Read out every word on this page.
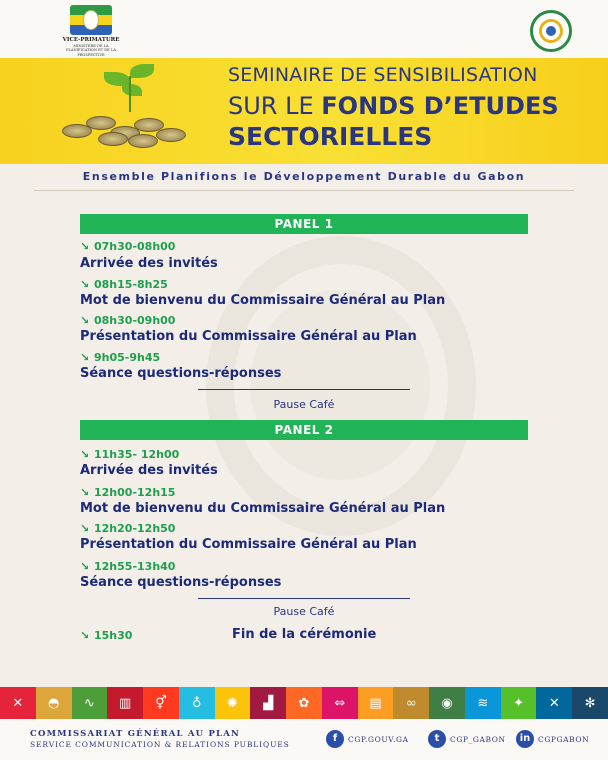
VICE-PRIMATURE
MINISTERE DE LA PLANIFICATION ET DE LA PROSPECTIVE
SEMINAIRE DE SENSIBILISATION
SUR LE FONDS D’ETUDES
SECTORIELLES
Ensemble Planifions le Développement Durable du Gabon
PANEL 1
↘ 07h30-08h00
Arrivée des invités
↘ 08h15-8h25
Mot de bienvenu du Commissaire Général au Plan
↘ 08h30-09h00
Présentation du Commissaire Général au Plan
↘ 9h05-9h45
Séance questions-réponses
Pause Café
PANEL 2
↘ 11h35- 12h00
Arrivée des invités
↘ 12h00-12h15
Mot de bienvenu du Commissaire Général au Plan
↘ 12h20-12h50
Présentation du Commissaire Général au Plan
↘ 12h55-13h40
Séance questions-réponses
Pause Café
↘ 15h30	Fin de la cérémonie
✕	◓	∿	▥	⚥	♁	✺	▟	✿	⇔	▤	∞	◉	≋	✦	✕	✻
COMMISSARIAT GÉNÉRAL AU PLAN
SERVICE COMMUNICATION & RELATIONS PUBLIQUES
f	CGP.GOUV.GA	t	CGP_GABON	in	CGPGABON
